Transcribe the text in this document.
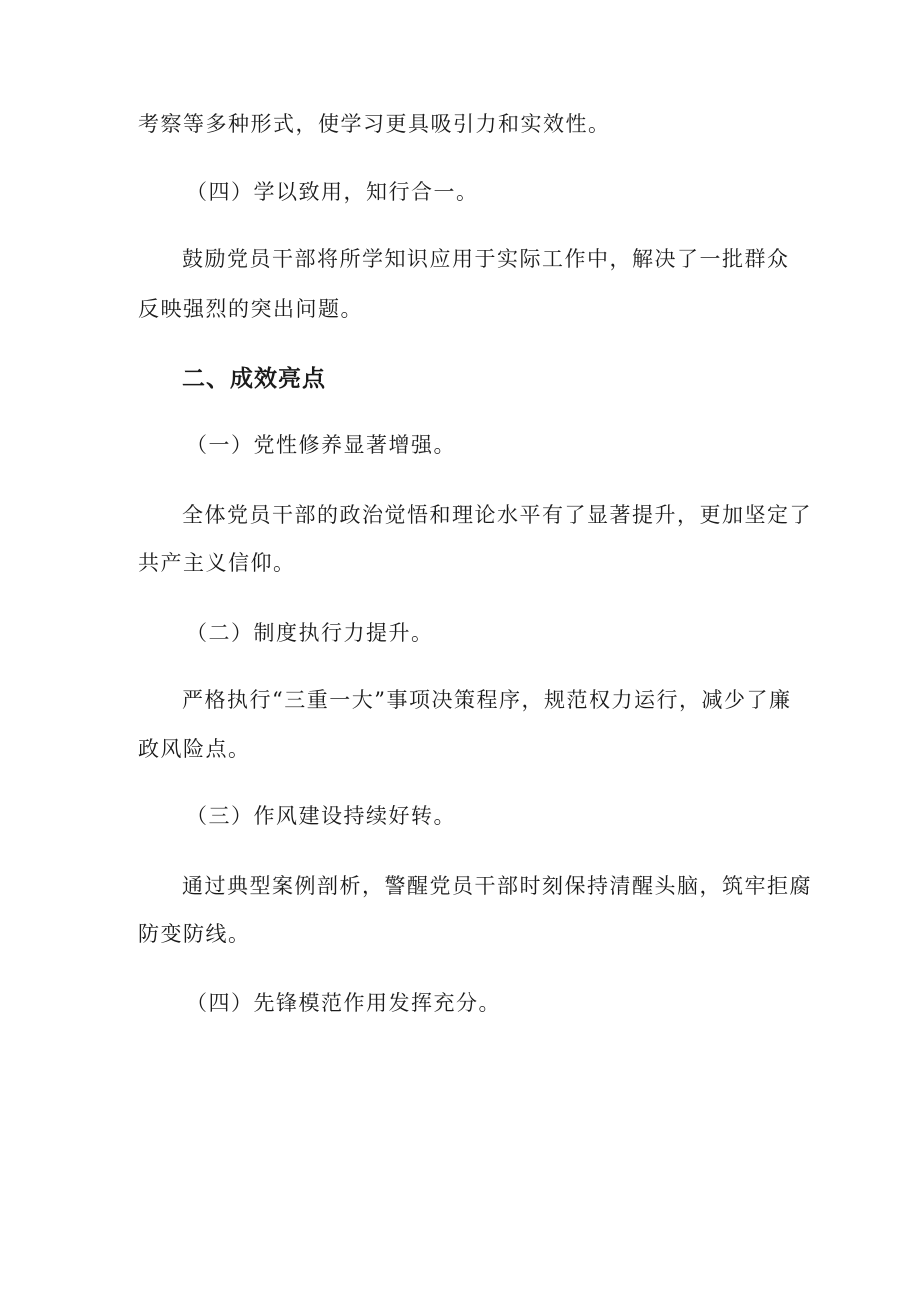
考察等多种形式，使学习更具吸引力和实效性。
（四）学以致用，知行合一。
鼓励党员干部将所学知识应用于实际工作中，解决了一批群众
反映强烈的突出问题。
二、成效亮点
（一）党性修养显著增强。
全体党员干部的政治觉悟和理论水平有了显著提升，更加坚定了
共产主义信仰。
（二）制度执行力提升。
严格执行“三重一大”事项决策程序，规范权力运行，减少了廉
政风险点。
（三）作风建设持续好转。
通过典型案例剖析，警醒党员干部时刻保持清醒头脑，筑牢拒腐
防变防线。
（四）先锋模范作用发挥充分。
